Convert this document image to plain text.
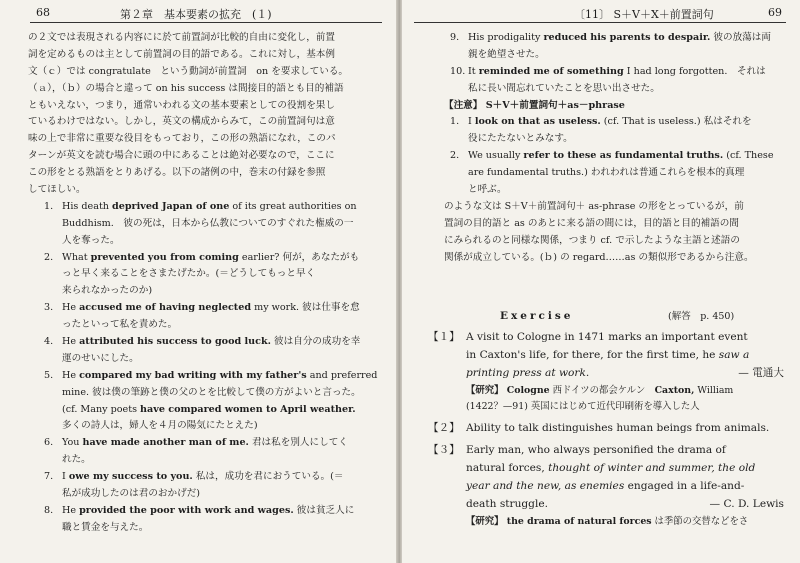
68	第２章　基本要素の拡充　(１)
の２文では表現される内容にに於て前置詞が比較的自由に変化し，前置
詞を定めるものは主として前置詞の目的語である。これに対し，基本例
文（ｃ）では congratulate　という動詞が前置詞　on を要求している。
（ａ），（ｂ）の場合と違って on his success は間接目的語とも目的補語
ともいえない，つまり，通常いわれる文の基本要素としての役割を果し
ているわけではない。しかし，英文の構成からみて，この前置詞句は意
味の上で非常に重要な役目をもっており，この形の熟語になれ，このパ
ターンが英文を読む場合に頭の中にあることは絶対必要なので，ここに
この形をとる熟語をとりあげる。以下の諸例の中，巻末の付録を参照
してほしい。
1. His death deprived Japan of one of its great authorities on
Buddhism.　彼の死は，日本から仏教についてのすぐれた権威の一
人を奪った。
2. What prevented you from coming earlier? 何が，あなたがも
っと早く来ることをさまたげたか。(＝どうしてもっと早く
来られなかったのか)
3. He accused me of having neglected my work. 彼は仕事を怠
ったといって私を責めた。
4. He attributed his success to good luck. 彼は自分の成功を幸
運のせいにした。
5. He compared my bad writing with my father's and preferred
mine. 彼は僕の筆跡と僕の父のとを比較して僕の方がよいと言った。
(cf. Many poets have compared women to April weather.
多くの詩人は，婦人を４月の陽気にたとえた)
6. You have made another man of me. 君は私を別人にしてく
れた。
7. I owe my success to you. 私は，成功を君におうている。(＝
私が成功したのは君のおかげだ)
8. He provided the poor with work and wages. 彼は貧乏人に
職と賃金を与えた。
〔11〕 S＋V＋X＋前置詞句	69
9. His prodigality reduced his parents to despair. 彼の放蕩は両
親を絶望させた。
10. It reminded me of something I had long forgotten.　それは
私に長い間忘れていたことを思い出させた。
【注意】 S＋V＋前置詞句＋as－phrase
1. I look on that as useless. (cf. That is useless.) 私はそれを
役にたたないとみなす。
2. We usually refer to these as fundamental truths. (cf. These
are fundamental truths.) われわれは普通これらを根本的真理
と呼ぶ。
のような文は S＋V＋前置詞句＋ as-phrase の形をとっているが，前
置詞の目的語と as のあとに来る語の間には，目的語と目的補語の間
にみられるのと同様な関係，つまり cf. で示したような主語と述語の
関係が成立している。(ｂ) の regard……as の類似形であるから注意。
Exercise	(解答　p. 450)
【１】 A visit to Cologne in 1471 marks an important event
in Caxton's life, for there, for the first time, he saw a
printing press at work.	— 電通大
【研究】 Cologne 西ドイツの都会ケルン　Caxton, William
(1422？—91) 英国にはじめて近代印刷術を導入した人
【２】 Ability to talk distinguishes human beings from animals.
【３】 Early man, who always personified the drama of
natural forces, thought of winter and summer, the old
year and the new, as enemies engaged in a life-and-
death struggle.	— C. D. Lewis
【研究】 the drama of natural forces は季節の交替などをさ
